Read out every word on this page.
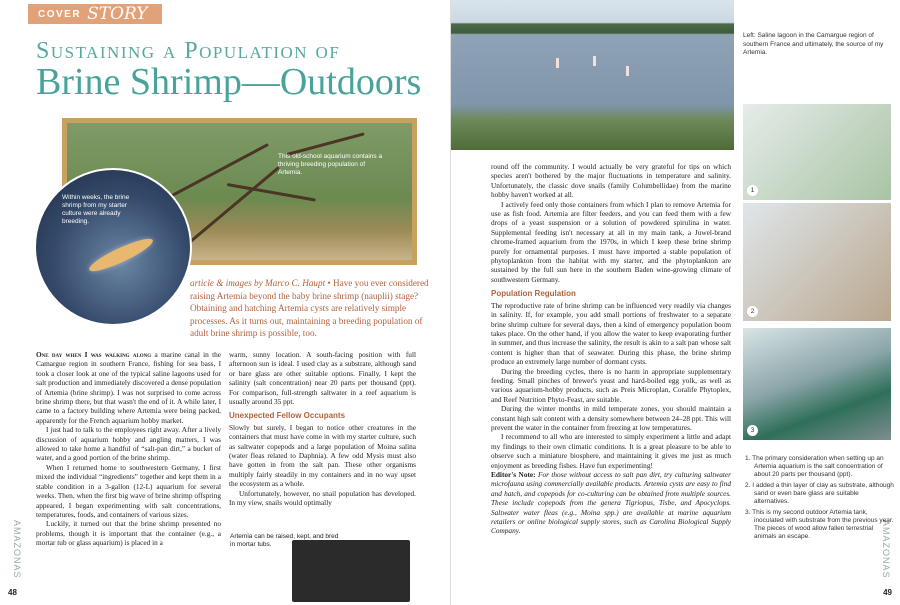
COVER STORY
Sustaining a Population of
Brine Shrimp—Outdoors
This old-school aquarium contains a thriving breeding population of Artemia.
Within weeks, the brine shrimp from my starter culture were already breeding.
article & images by Marco C. Haupt • Have you ever considered raising Artemia beyond the baby brine shrimp (nauplii) stage? Obtaining and hatching Artemia cysts are relatively simple processes. As it turns out, maintaining a breeding population of adult brine shrimp is possible, too.

One day when I was walking along a marine canal in the Camargue region in southern France, fishing for sea bass, I took a closer look at one of the typical saline lagoons used for salt production and immediately discovered a dense population of Artemia (brine shrimp). I was not surprised to come across brine shrimp there, but that wasn't the end of it. A while later, I came to a factory building where Artemia were being packed, apparently for the French aquarium hobby market.

I just had to talk to the employees right away. After a lively discussion of aquarium hobby and angling matters, I was allowed to take home a handful of “salt-pan dirt,” a bucket of water, and a good portion of the brine shrimp.

When I returned home to southwestern Germany, I first mixed the individual “ingredients” together and kept them in a stable condition in a 3-gallon (12-L) aquarium for several weeks. Then, when the first big wave of brine shrimp offspring appeared, I began experimenting with salt concentrations, temperatures, foods, and containers of various sizes.

Luckily, it turned out that the brine shrimp presented no problems, though it is important that the container (e.g., a mortar tub or glass aquarium) is placed in a

warm, sunny location. A south-facing position with full afternoon sun is ideal. I used clay as a substrate, although sand or bare glass are other suitable options. Finally, I kept the salinity (salt concentration) near 20 parts per thousand (ppt). For comparison, full-strength saltwater in a reef aquarium is usually around 35 ppt.

Unexpected Fellow Occupants

Slowly but surely, I began to notice other creatures in the containers that must have come in with my starter culture, such as saltwater copepods and a large population of Moina salina (water fleas related to Daphnia). A few odd Mysis must also have gotten in from the salt pan. These other organisms multiply fairly steadily in my containers and in no way upset the ecosystem as a whole.

Unfortunately, however, no snail population has developed. In my view, snails would optimally

Artemia can be raised, kept, and bred in mortar tubs.
48
AMAZONAS
Left: Saline lagoon in the Camargue region of southern France and ultimately, the source of my Artemia.
1
2
3

round off the community. I would actually be very grateful for tips on which species aren't bothered by the major fluctuations in temperature and salinity. Unfortunately, the classic dove snails (family Columbellidae) from the marine hobby haven't worked at all.

I actively feed only those containers from which I plan to remove Artemia for use as fish food. Artemia are filter feeders, and you can feed them with a few drops of a yeast suspension or a solution of powdered spirulina in water. Supplemental feeding isn't necessary at all in my main tank, a Juwel-brand chrome-framed aquarium from the 1970s, in which I keep these brine shrimp purely for ornamental purposes. I must have imported a stable population of phytoplankton from the habitat with my starter, and the phytoplankton are sustained by the full sun here in the southern Baden wine-growing climate of southwestern Germany.

Population Regulation

The reproductive rate of brine shrimp can be influenced very readily via changes in salinity. If, for example, you add small portions of freshwater to a separate brine shrimp culture for several days, then a kind of emergency population boom takes place. On the other hand, if you allow the water to keep evaporating further in summer, and thus increase the salinity, the result is akin to a salt pan whose salt content is higher than that of seawater. During this phase, the brine shrimp produce an extremely large number of dormant cysts.

During the breeding cycles, there is no harm in appropriate supplementary feeding. Small pinches of brewer's yeast and hard-boiled egg yolk, as well as various aquarium-hobby products, such as Preis Microplan, Coralife Phytoplex, and Reef Nutrition Phyto-Feast, are suitable.

During the winter months in mild temperate zones, you should maintain a constant high salt content with a density somewhere between 24–28 ppt. This will prevent the water in the container from freezing at low temperatures.

I recommend to all who are interested to simply experiment a little and adapt my findings to their own climatic conditions. It is a great pleasure to be able to observe such a miniature biosphere, and maintaining it gives me just as much enjoyment as breeding fishes. Have fun experimenting!

Editor's Note: For those without access to salt pan dirt, try culturing saltwater microfauna using commercially available products. Artemia cysts are easy to find and hatch, and copepods for co-culturing can be obtained from multiple sources. These include copepods from the genera Tigriopus, Tisbe, and Apocyclops. Saltwater water fleas (e.g., Moina spp.) are available at marine aquarium retailers or online biological supply stores, such as Carolina Biological Supply Company.

49
AMAZONAS
1. The primary consideration when setting up an Artemia aquarium is the salt concentration of about 20 parts per thousand (ppt).
2. I added a thin layer of clay as substrate, although sand or even bare glass are suitable alternatives.
3. This is my second outdoor Artemia tank, inoculated with substrate from the previous year. The pieces of wood allow fallen terrestrial animals an escape.
